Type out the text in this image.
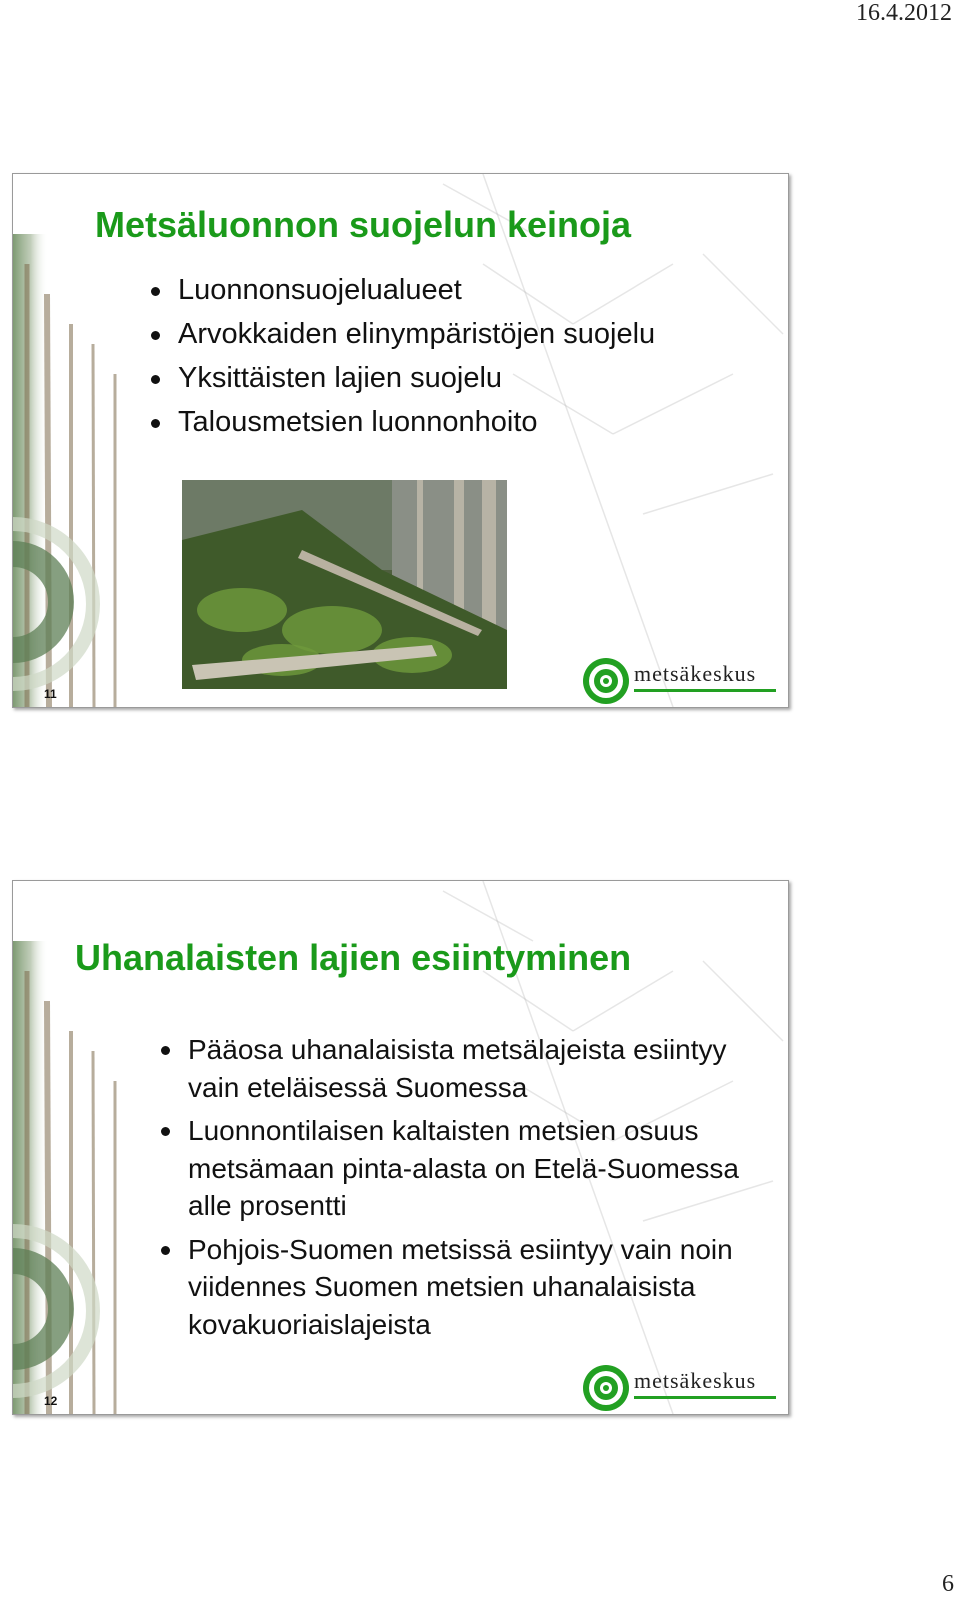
16.4.2012
Metsäluonnon suojelun keinoja
Luonnonsuojelualueet
Arvokkaiden elinympäristöjen suojelu
Yksittäisten lajien suojelu
Talousmetsien luonnonhoito
11
metsäkeskus
Uhanalaisten lajien esiintyminen
Pääosa uhanalaisista metsälajeista esiintyy vain eteläisessä Suomessa
Luonnontilaisen kaltaisten metsien osuus metsämaan pinta-alasta on Etelä-Suomessa alle prosentti
Pohjois-Suomen metsissä esiintyy vain noin viidennes Suomen metsien uhanalaisista kovakuoriaislajeista
12
metsäkeskus
6
